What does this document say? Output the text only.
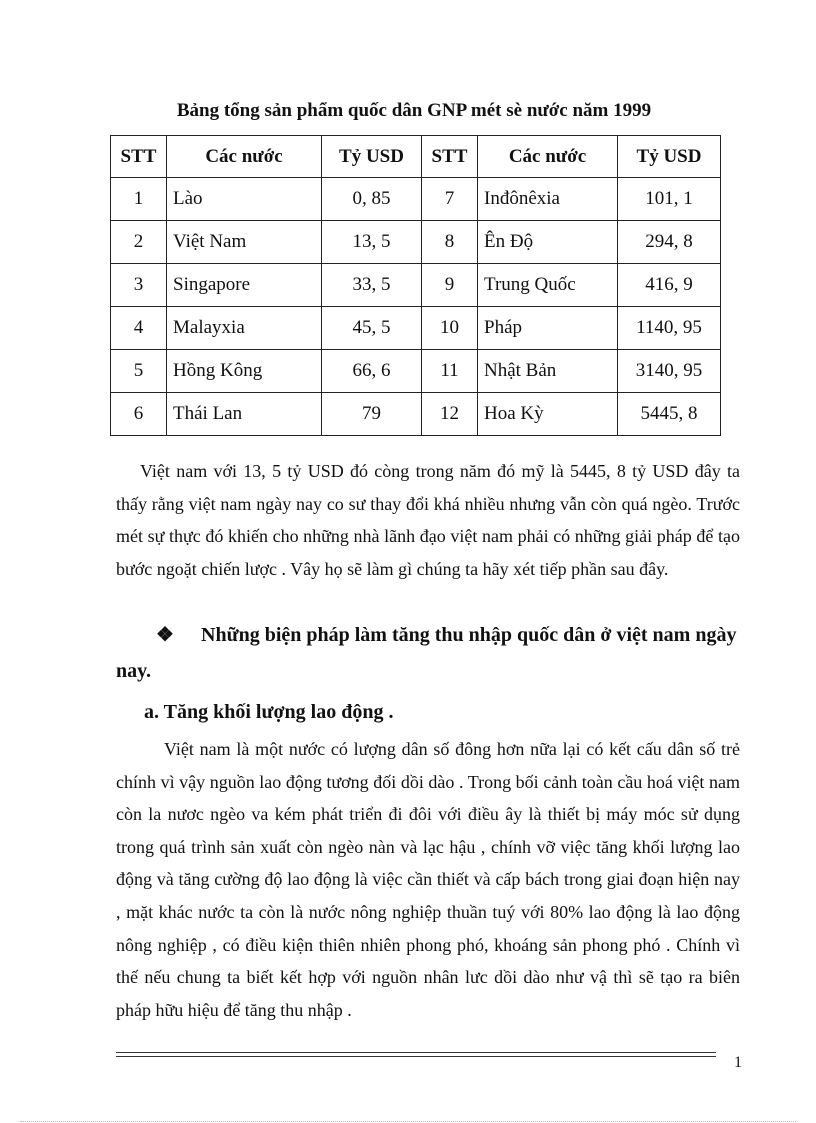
Bảng tổng sản phẩm quốc dân GNP mét sè nước năm 1999
STT	Các nước	Tỷ USD	STT	Các nước	Tỷ USD
1	Lào	0, 85	7	Inđônêxia	101, 1
2	Việt Nam	13, 5	8	Ên Độ	294, 8
3	Singapore	33, 5	9	Trung Quốc	416, 9
4	Malayxia	45, 5	10	Pháp	1140, 95
5	Hồng Kông	66, 6	11	Nhật Bản	3140, 95
6	Thái Lan	79	12	Hoa Kỳ	5445, 8

Việt nam với 13, 5 tỷ USD đó còng trong năm đó mỹ là 5445, 8 tỷ USD đây ta thấy rằng việt nam ngày nay co sư thay đổi khá nhiều nhưng vẫn còn quá ngèo. Trước mét sự thực đó khiến cho những nhà lãnh đạo việt nam phải có những giải pháp để tạo bước ngoặt chiến lược . Vây họ sẽ làm gì chúng ta hãy xét tiếp phần sau đây.

❖ Những biện pháp làm tăng thu nhập quốc dân ở việt nam ngày nay.

a. Tăng khối lượng lao động .

Việt nam là một nước có lượng dân số đông hơn nữa lại có kết cấu dân số trẻ chính vì vậy nguồn lao động tương đối dồi dào . Trong bối cảnh toàn cầu hoá việt nam còn la nươc ngèo va kém phát triển đi đôi với điều ây là thiết bị máy móc sử dụng trong quá trình sản xuất còn ngèo nàn và lạc hậu , chính vỡ việc tăng khối lượng lao động và tăng cường độ lao động là việc cần thiết và cấp bách trong giai đoạn hiện nay , mặt khác nước ta còn là nước nông nghiệp thuần tuý với 80% lao động là lao động nông nghiệp , có điều kiện thiên nhiên phong phó, khoáng sản phong phó . Chính vì thế nếu chung ta biết kết hợp với nguồn nhân lưc dồi dào như vậ thì sẽ tạo ra biên pháp hữu hiệu để tăng thu nhập .

1
